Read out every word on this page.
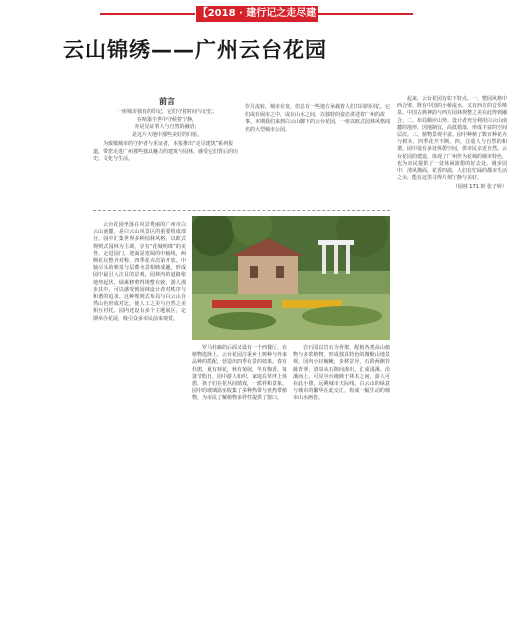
【2018 · 建行记之走尽建筑】
云山锦绣——广州云台花园
前言
一座城市独有的印记，它们守着时间与记忆；
在喧嚣尘世中守候着宁静，
亦是见证着人与自然的融洽；
是这片天地中那些美好的归宿。
为致敬城市的守护者与见证者，本报推出“走尽建筑”系列报道，带您走进广州那些独具魅力的建筑与园林，感受它们背后的历史、文化与生活。
岁月流转，城市在变，但总有一些地方承载着人们共同的回忆。它们或在闹市之中，或在山水之间，以独特的姿态讲述着广州的故事。本期我们来到白云山脚下的云台花园，一座以欧式园林风格闻名的大型城市公园。
云台花园坐落在风景秀丽的广州市白云山南麓，是白云山风景区的重要组成部分。园中汇集世界多种园林风格，以欧式规则式园林为主调，享有“花城明珠”的美誉。走进园门，迎面是宽阔的中轴线，两侧花坛整齐对称，四季花卉次第开放。中轴尽头的喷泉与层叠水景相映成趣，形成园中最引人注目的景观。园林内的道路依地势起伏，绿篱修剪得规整有致，游人漫步其中，可以感受到园林设计者对秩序与和谐的追求。这种规则式布局与白云山自然山色形成对比，使人工之美与自然之美相互衬托。园内还设有多个主题展区，定期举办花展，吸引众多市民前来观赏。
罗马柱廊的后面又设有一个西餐厅。在植物选择上，云台花园注重乡土树种与外来品种的搭配，营造出四季有景的效果。春有杜鹃，夏有荷花，秋有菊展，冬有梅香。每逢节假日，园中游人如织，家庭在草坪上休憩，孩子们在花丛间嬉戏，一派祥和景象。园中的玻璃温室收集了多种热带与亚热带植物，为市民了解植物多样性提供了窗口。
岩石园以岩石为骨架，配植各类高山植物与多浆植物，形成独具特色的微缩山地景观。园内小径蜿蜒，步移景异，石阶两侧苔藓青翠，清泉从石隙间渗出，汇成浅溪。沿溪而上，可见亭台掩映于林木之间，游人可在此小憩，远眺城市天际线。白云山的绿意与城市的繁华在此交汇，构成一幅生动的城市山水画卷。
起来，云台花园有如下特点。一、整园风格中西合璧。既有中国的小桥流水，又有西方的音乐喷泉。中国古典神韵与西方园林规整之美在此得到融合。二、布局顺应山势。设计者充分利用白云山南麓的地形，因地制宜，高低错落，形成丰富的空间层次。三、植物景观丰富。园中种植了数百种花卉与树木，四季花开不断。四、注重人与自然的和谐。园中设有多处休憩空间，供市民亲近自然。云台花园的建设，体现了广州作为花城的城市特色，也为市民提供了一处休闲游憩的好去处。漫步园中，清风拂面，花香四溢，人们在忙碌的都市生活之余，能在这里寻得片刻宁静与美好。
（园林 171 班 张子婷）
